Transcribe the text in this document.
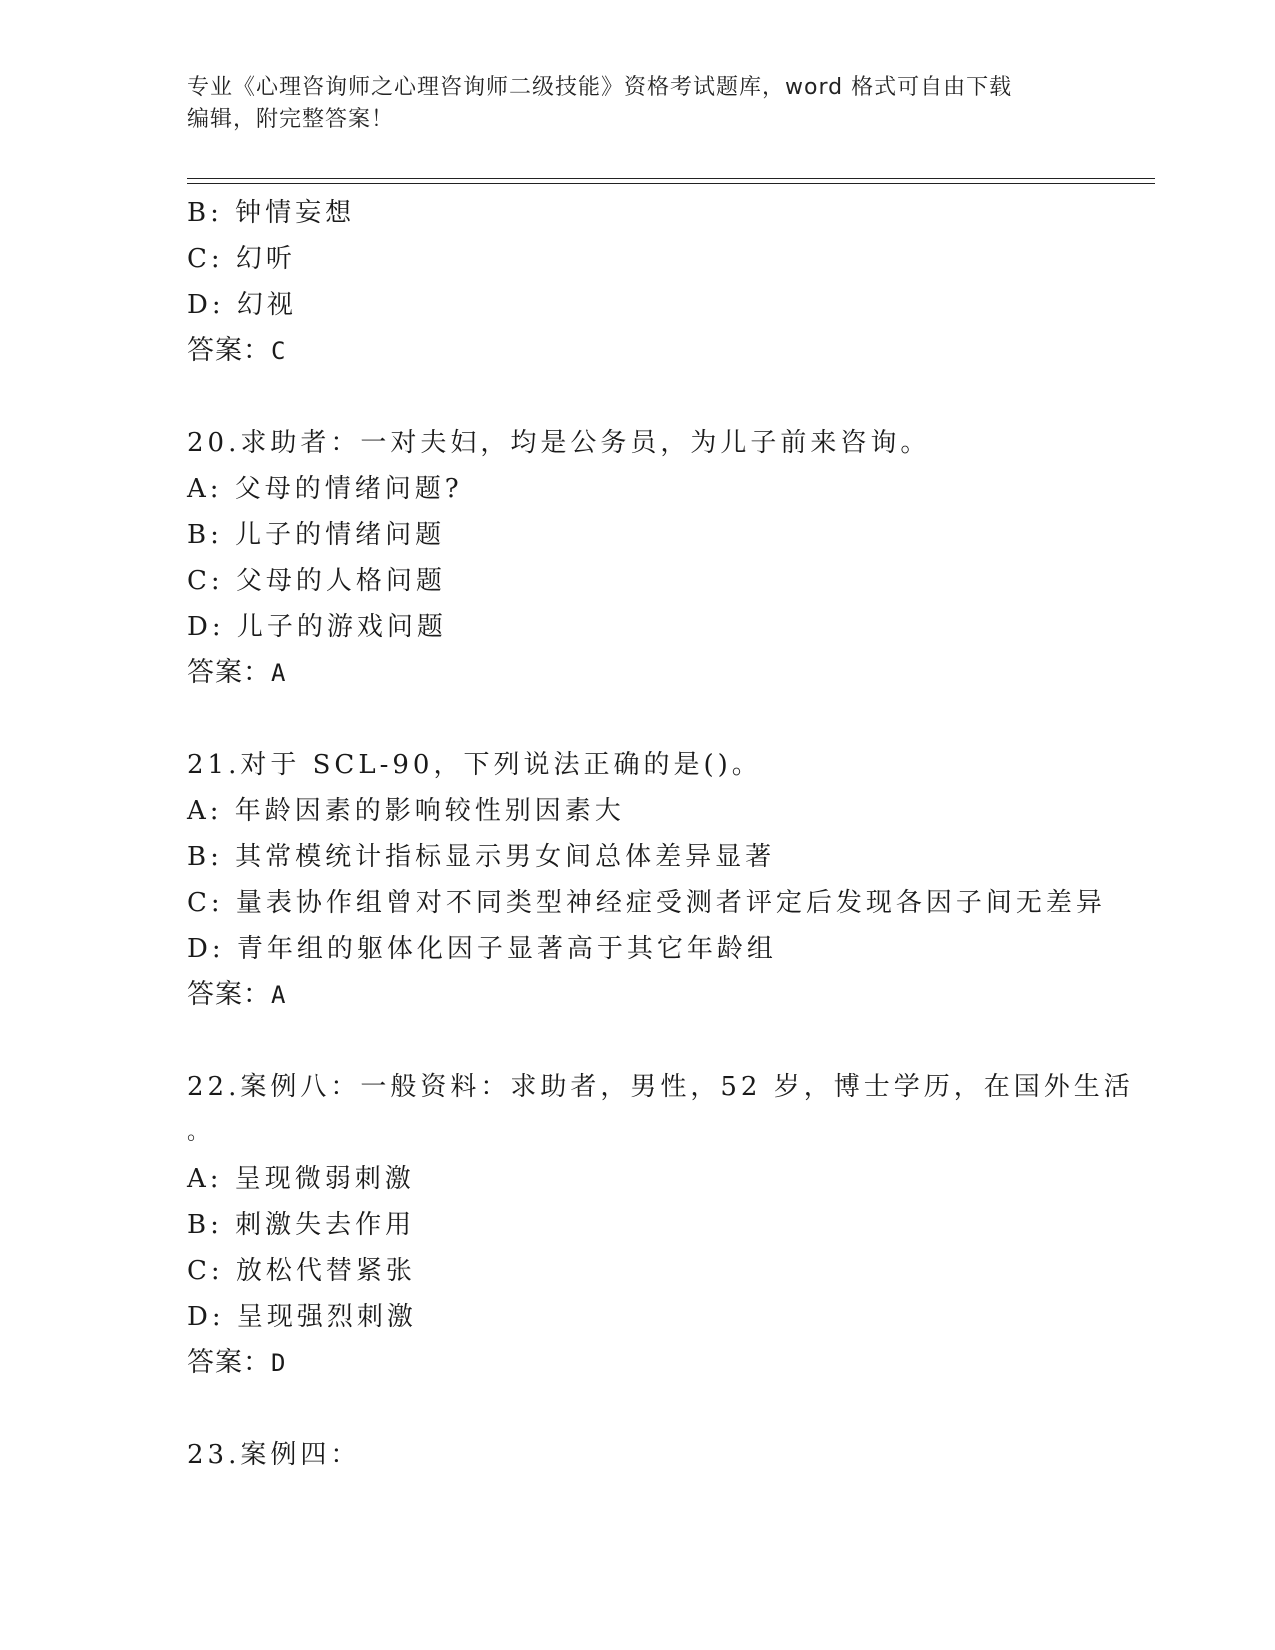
专业《心理咨询师之心理咨询师二级技能》资格考试题库，word 格式可自由下载
编辑，附完整答案！
B: 钟情妄想
C: 幻听
D: 幻视
答案：C
20.求助者：一对夫妇，均是公务员，为儿子前来咨询。
A: 父母的情绪问题?
B: 儿子的情绪问题
C: 父母的人格问题
D: 儿子的游戏问题
答案：A
21.对于 SCL-90，下列说法正确的是()。
A: 年龄因素的影响较性别因素大
B: 其常模统计指标显示男女间总体差异显著
C: 量表协作组曾对不同类型神经症受测者评定后发现各因子间无差异
D: 青年组的躯体化因子显著高于其它年龄组
答案：A
22.案例八：一般资料：求助者，男性，52 岁，博士学历，在国外生活
。
A: 呈现微弱刺激
B: 刺激失去作用
C: 放松代替紧张
D: 呈现强烈刺激
答案：D
23.案例四：
